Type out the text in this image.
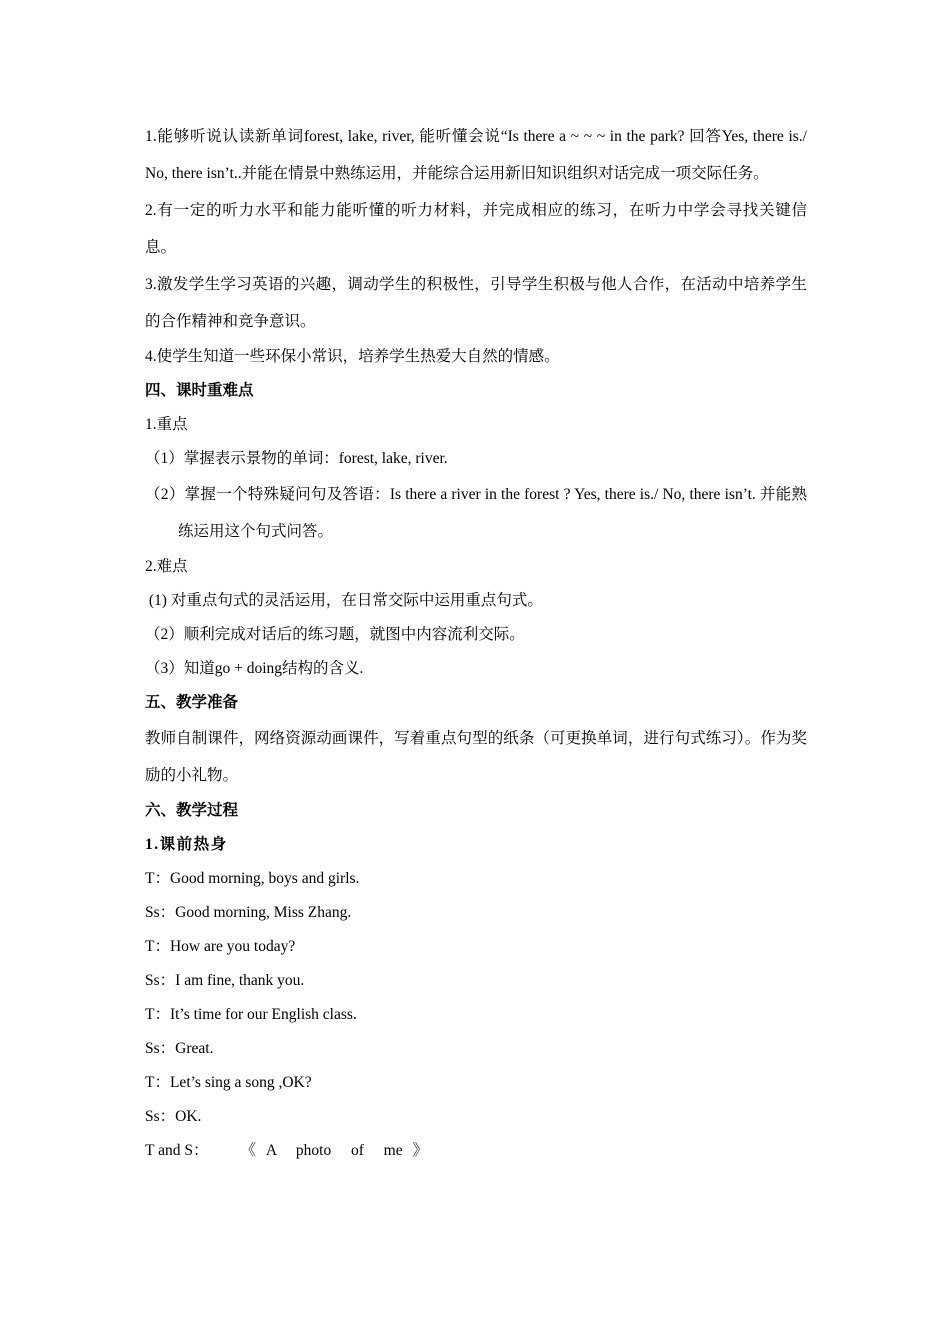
1.能够听说认读新单词forest, lake, river, 能听懂会说“Is there a ~ ~ ~ in the park? 回答Yes, there is./ No, there isn’t..并能在情景中熟练运用，并能综合运用新旧知识组织对话完成一项交际任务。

2.有一定的听力水平和能力能听懂的听力材料，并完成相应的练习，在听力中学会寻找关键信息。

3.激发学生学习英语的兴趣，调动学生的积极性，引导学生积极与他人合作，在活动中培养学生的合作精神和竞争意识。

4.使学生知道一些环保小常识，培养学生热爱大自然的情感。

四、课时重难点

1.重点

（1）掌握表示景物的单词：forest, lake, river.

（2）掌握一个特殊疑问句及答语：Is there a river in the forest ? Yes, there is./ No, there isn’t. 并能熟练运用这个句式问答。

2.难点

(1) 对重点句式的灵活运用，在日常交际中运用重点句式。

（2）顺利完成对话后的练习题，就图中内容流利交际。

（3）知道go + doing结构的含义.

五、教学准备

教师自制课件，网络资源动画课件，写着重点句型的纸条（可更换单词，进行句式练习）。作为奖励的小礼物。

六、教学过程

1.课前热身

T：Good morning, boys and girls.

Ss：Good morning, Miss Zhang.

T：How are you today?

Ss：I am fine, thank you.

T：It’s time for our English class.

Ss：Great.

T：Let’s sing a song ,OK?

Ss：OK.

T and S： 《 A  photo  of  me 》
